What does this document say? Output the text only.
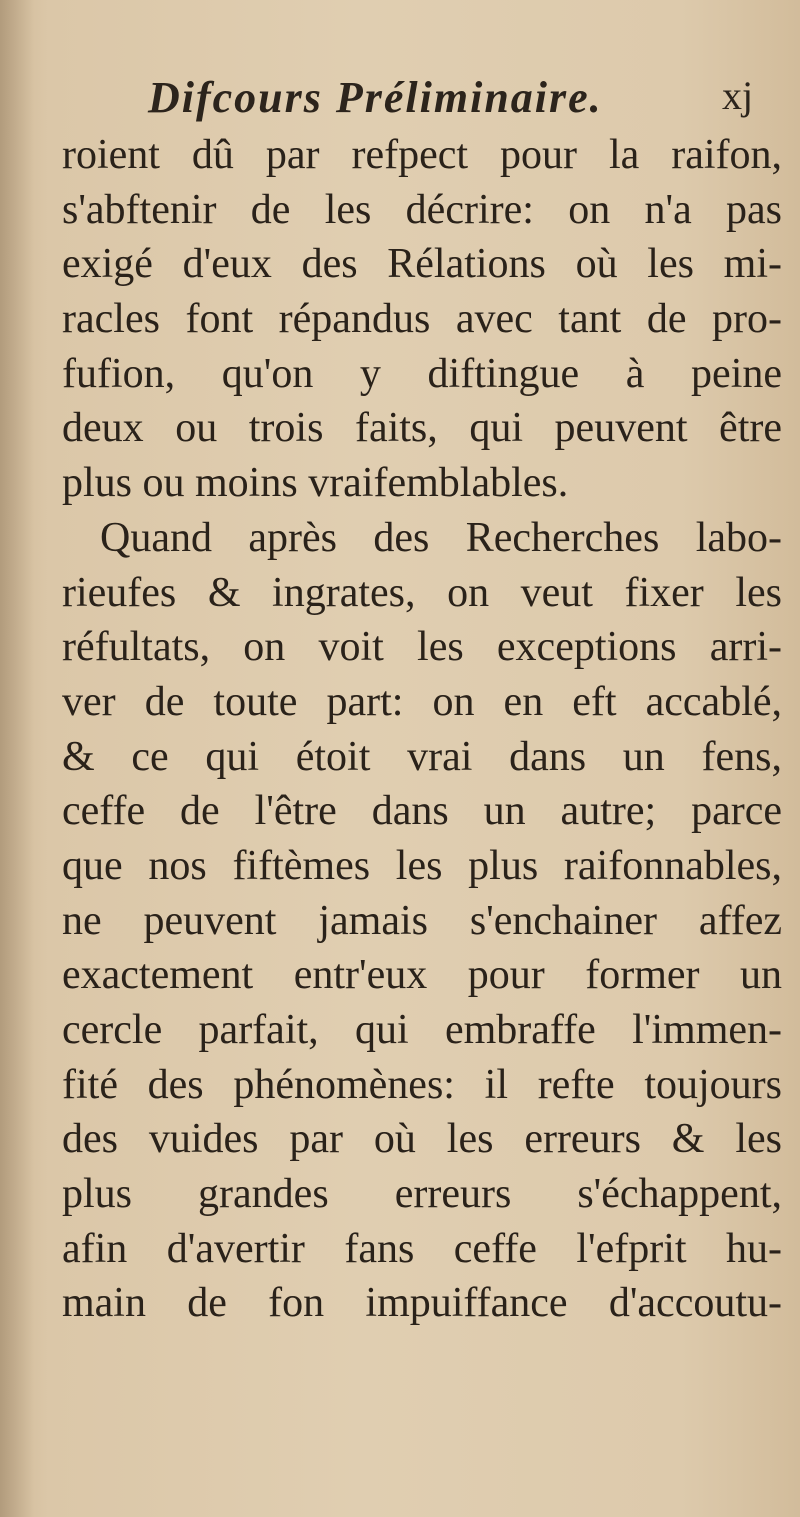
Difcours Préliminaire.	xj
roient dû par refpect pour la raifon,
s'abftenir de les décrire: on n'a pas
exigé d'eux des Rélations où les mi-
racles font répandus avec tant de pro-
fufion, qu'on y diftingue à peine
deux ou trois faits, qui peuvent être
plus ou moins vraifemblables.
Quand après des Recherches labo-
rieufes & ingrates, on veut fixer les
réfultats, on voit les exceptions arri-
ver de toute part: on en eft accablé,
& ce qui étoit vrai dans un fens,
ceffe de l'être dans un autre; parce
que nos fiftèmes les plus raifonnables,
ne peuvent jamais s'enchainer affez
exactement entr'eux pour former un
cercle parfait, qui embraffe l'immen-
fité des phénomènes: il refte toujours
des vuides par où les erreurs & les
plus grandes erreurs s'échappent,
afin d'avertir fans ceffe l'efprit hu-
main de fon impuiffance d'accoutu-
